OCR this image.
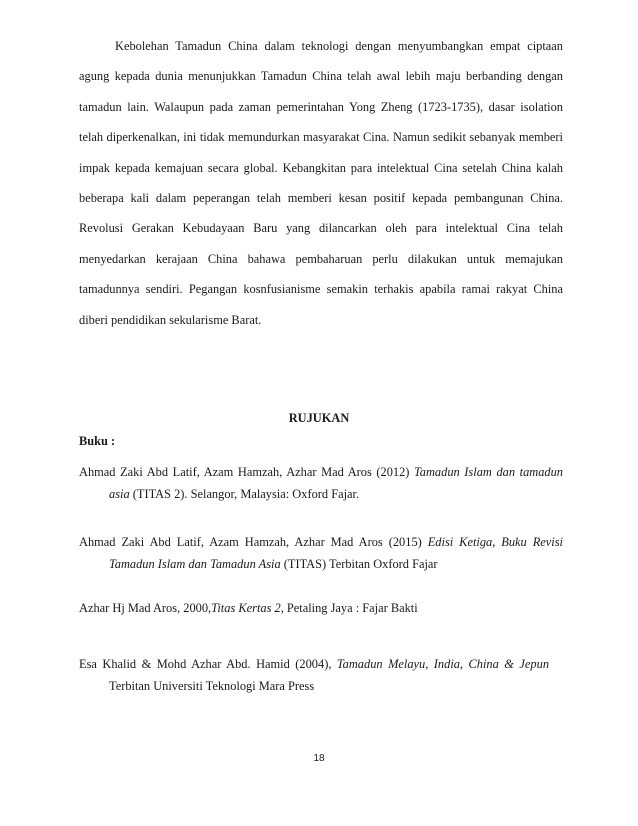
Kebolehan Tamadun China dalam teknologi dengan menyumbangkan empat ciptaan agung kepada dunia menunjukkan Tamadun China telah awal lebih maju berbanding dengan tamadun lain. Walaupun pada zaman pemerintahan Yong Zheng (1723-1735), dasar isolation telah diperkenalkan, ini tidak memundurkan masyarakat Cina. Namun sedikit sebanyak memberi impak kepada kemajuan secara global. Kebangkitan para intelektual Cina setelah China kalah beberapa kali dalam peperangan telah memberi kesan positif kepada pembangunan China. Revolusi Gerakan Kebudayaan Baru yang dilancarkan oleh para intelektual Cina telah menyedarkan kerajaan China bahawa pembaharuan perlu dilakukan untuk memajukan tamadunnya sendiri. Pegangan kosnfusianisme semakin terhakis apabila ramai rakyat China diberi pendidikan sekularisme Barat.

RUJUKAN

Buku :

Ahmad Zaki Abd Latif, Azam Hamzah, Azhar Mad Aros (2012) Tamadun Islam dan tamadun
asia (TITAS 2). Selangor, Malaysia: Oxford Fajar.
Ahmad Zaki Abd Latif, Azam Hamzah, Azhar Mad Aros (2015) Edisi Ketiga, Buku Revisi
Tamadun Islam dan Tamadun Asia (TITAS) Terbitan Oxford Fajar
Azhar Hj Mad Aros, 2000,Titas Kertas 2, Petaling Jaya : Fajar Bakti
Esa Khalid & Mohd Azhar Abd. Hamid (2004), Tamadun Melayu, India, China & Jepun
Terbitan Universiti Teknologi Mara Press

18
